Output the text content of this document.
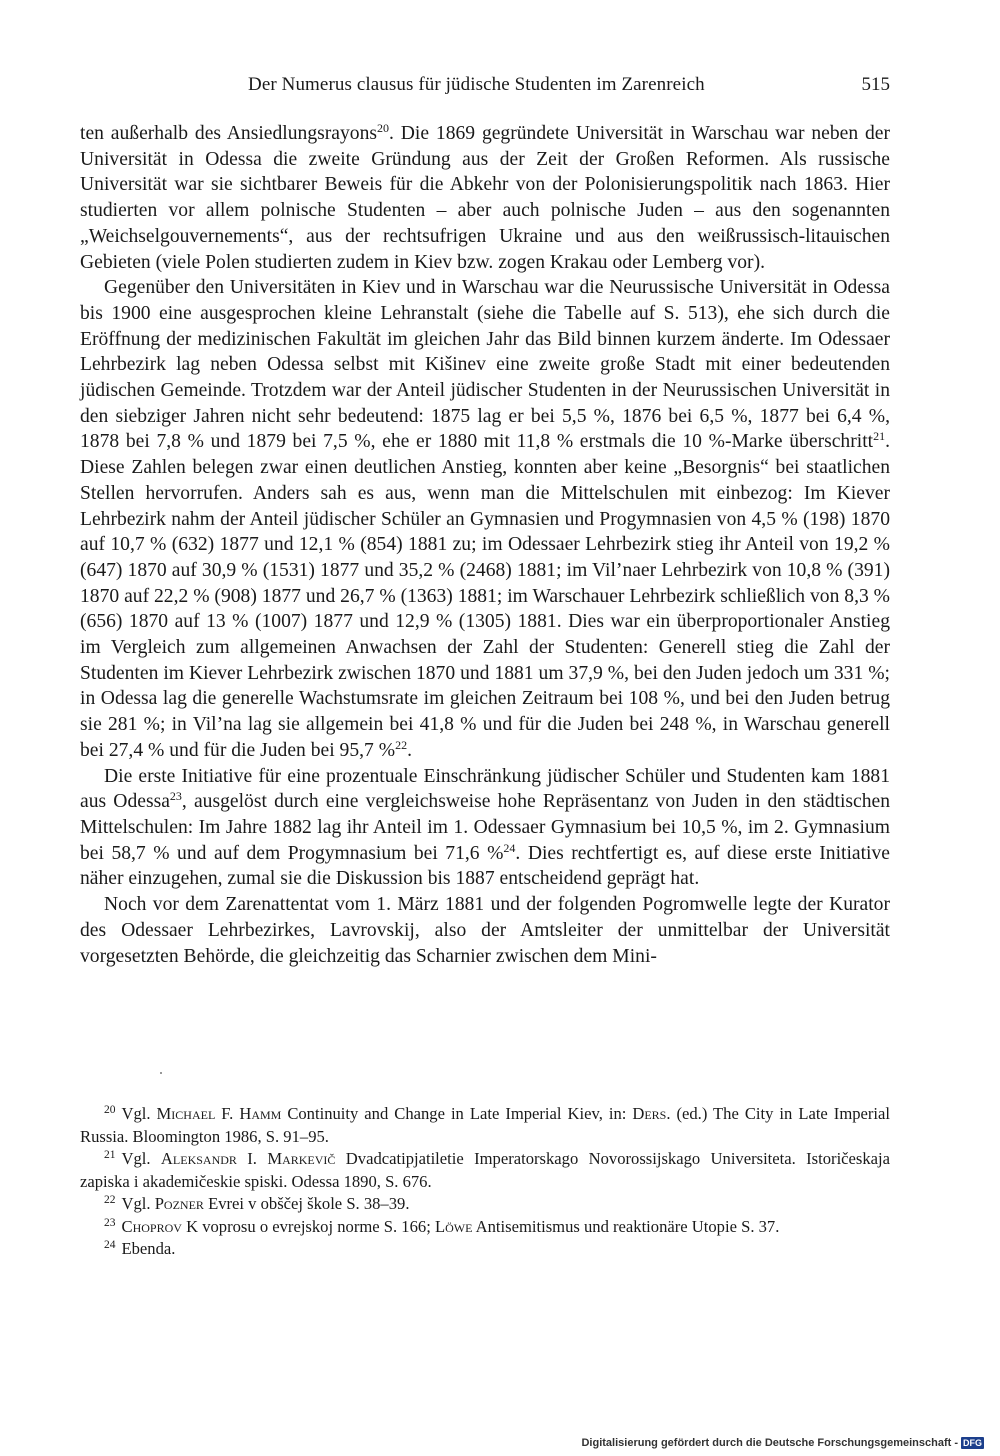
Der Numerus clausus für jüdische Studenten im Zarenreich	515

ten außerhalb des Ansiedlungsrayons$^{20}$. Die 1869 gegründete Universität in Warschau war neben der Universität in Odessa die zweite Gründung aus der Zeit der Großen Reformen. Als russische Universität war sie sichtbarer Beweis für die Abkehr von der Polonisierungspolitik nach 1863. Hier studierten vor allem polnische Studenten – aber auch polnische Juden – aus den sogenannten „Weichselgouvernements“, aus der rechtsufrigen Ukraine und aus den weißrussisch-litauischen Gebieten (viele Polen studierten zudem in Kiev bzw. zogen Krakau oder Lemberg vor).

Gegenüber den Universitäten in Kiev und in Warschau war die Neurussische Universität in Odessa bis 1900 eine ausgesprochen kleine Lehranstalt (siehe die Tabelle auf S. 513), ehe sich durch die Eröffnung der medizinischen Fakultät im gleichen Jahr das Bild binnen kurzem änderte. Im Odessaer Lehrbezirk lag neben Odessa selbst mit Kišinev eine zweite große Stadt mit einer bedeutenden jüdischen Gemeinde. Trotzdem war der Anteil jüdischer Studenten in der Neurussischen Universität in den siebziger Jahren nicht sehr bedeutend: 1875 lag er bei 5,5 %, 1876 bei 6,5 %, 1877 bei 6,4 %, 1878 bei 7,8 % und 1879 bei 7,5 %, ehe er 1880 mit 11,8 % erstmals die 10 %-Marke überschritt$^{21}$. Diese Zahlen belegen zwar einen deutlichen Anstieg, konnten aber keine „Besorgnis“ bei staatlichen Stellen hervorrufen. Anders sah es aus, wenn man die Mittelschulen mit einbezog: Im Kiever Lehrbezirk nahm der Anteil jüdischer Schüler an Gymnasien und Progymnasien von 4,5 % (198) 1870 auf 10,7 % (632) 1877 und 12,1 % (854) 1881 zu; im Odessaer Lehrbezirk stieg ihr Anteil von 19,2 % (647) 1870 auf 30,9 % (1531) 1877 und 35,2 % (2468) 1881; im Vil’naer Lehrbezirk von 10,8 % (391) 1870 auf 22,2 % (908) 1877 und 26,7 % (1363) 1881; im Warschauer Lehrbezirk schließlich von 8,3 % (656) 1870 auf 13 % (1007) 1877 und 12,9 % (1305) 1881. Dies war ein überproportionaler Anstieg im Vergleich zum allgemeinen Anwachsen der Zahl der Studenten: Generell stieg die Zahl der Studenten im Kiever Lehrbezirk zwischen 1870 und 1881 um 37,9 %, bei den Juden jedoch um 331 %; in Odessa lag die generelle Wachstumsrate im gleichen Zeitraum bei 108 %, und bei den Juden betrug sie 281 %; in Vil’na lag sie allgemein bei 41,8 % und für die Juden bei 248 %, in Warschau generell bei 27,4 % und für die Juden bei 95,7 %$^{22}$.

Die erste Initiative für eine prozentuale Einschränkung jüdischer Schüler und Studenten kam 1881 aus Odessa$^{23}$, ausgelöst durch eine vergleichsweise hohe Repräsentanz von Juden in den städtischen Mittelschulen: Im Jahre 1882 lag ihr Anteil im 1. Odessaer Gymnasium bei 10,5 %, im 2. Gymnasium bei 58,7 % und auf dem Progymnasium bei 71,6 %$^{24}$. Dies rechtfertigt es, auf diese erste Initiative näher einzugehen, zumal sie die Diskussion bis 1887 entscheidend geprägt hat.

Noch vor dem Zarenattentat vom 1. März 1881 und der folgenden Pogromwelle legte der Kurator des Odessaer Lehrbezirkes, Lavrovskij, also der Amtsleiter der unmittelbar der Universität vorgesetzten Behörde, die gleichzeitig das Scharnier zwischen dem Mini-

$^{20}$ Vgl. Michael F. Hamm Continuity and Change in Late Imperial Kiev, in: Ders. (ed.) The City in Late Imperial Russia. Bloomington 1986, S. 91–95.

$^{21}$ Vgl. Aleksandr I. Markevič Dvadcatipjatiletie Imperatorskago Novorossijskago Universiteta. Istoričeskaja zapiska i akademičeskie spiski. Odessa 1890, S. 676.

$^{22}$ Vgl. Pozner Evrei v obščej škole S. 38–39.

$^{23}$ Choprov K voprosu o evrejskoj norme S. 166; Löwe Antisemitismus und reaktionäre Utopie S. 37.

$^{24}$ Ebenda.

Digitalisierung gefördert durch die Deutsche Forschungsgemeinschaft - DFG
